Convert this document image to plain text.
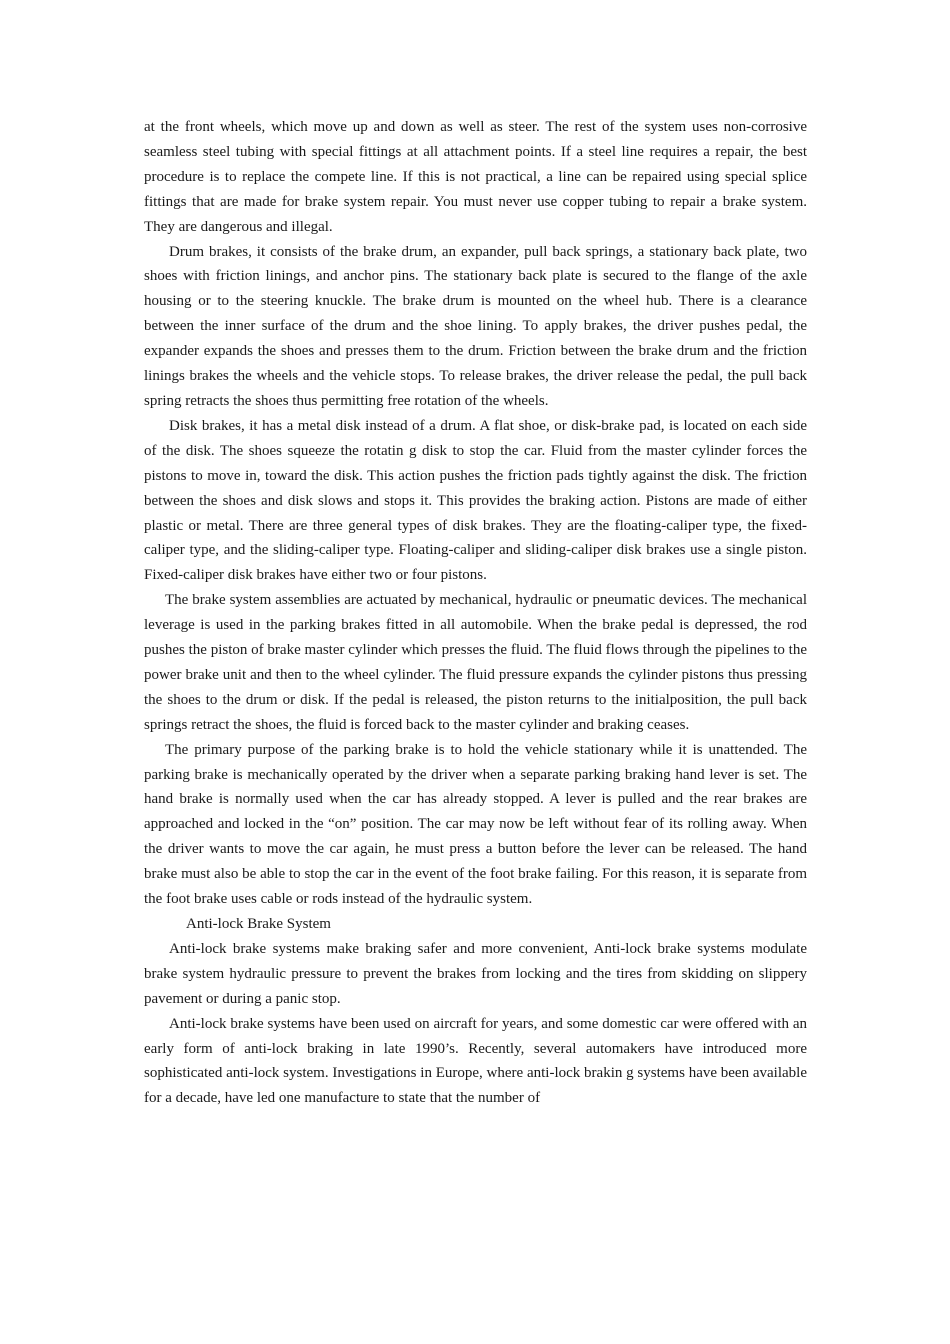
at the front wheels, which move up and down as well as steer. The rest of the system uses non-corrosive seamless steel tubing with special fittings at all attachment points. If a steel line requires a repair, the best procedure is to replace the compete line. If this is not practical, a line can be repaired using special splice fittings that are made for brake system repair. You must never use copper tubing to repair a brake system. They are dangerous and illegal.

Drum brakes, it consists of the brake drum, an expander, pull back springs, a stationary back plate, two shoes with friction linings, and anchor pins. The stationary back plate is secured to the flange of the axle housing or to the steering knuckle. The brake drum is mounted on the wheel hub. There is a clearance between the inner surface of the drum and the shoe lining. To apply brakes, the driver pushes pedal, the expander expands the shoes and presses them to the drum. Friction between the brake drum and the friction linings brakes the wheels and the vehicle stops. To release brakes, the driver release the pedal, the pull back spring retracts the shoes thus permitting free rotation of the wheels.

Disk brakes, it has a metal disk instead of a drum. A flat shoe, or disk-brake pad, is located on each side of the disk. The shoes squeeze the rotatin g disk to stop the car. Fluid from the master cylinder forces the pistons to move in, toward the disk. This action pushes the friction pads tightly against the disk. The friction between the shoes and disk slows and stops it. This provides the braking action. Pistons are made of either plastic or metal. There are three general types of disk brakes. They are the floating-caliper type, the fixed-caliper type, and the sliding-caliper type. Floating-caliper and sliding-caliper disk brakes use a single piston. Fixed-caliper disk brakes have either two or four pistons.

The brake system assemblies are actuated by mechanical, hydraulic or pneumatic devices. The mechanical leverage is used in the parking brakes fitted in all automobile. When the brake pedal is depressed, the rod pushes the piston of brake master cylinder which presses the fluid. The fluid flows through the pipelines to the power brake unit and then to the wheel cylinder. The fluid pressure expands the cylinder pistons thus pressing the shoes to the drum or disk. If the pedal is released, the piston returns to the initialposition, the pull back springs retract the shoes, the fluid is forced back to the master cylinder and braking ceases.

The primary purpose of the parking brake is to hold the vehicle stationary while it is unattended. The parking brake is mechanically operated by the driver when a separate parking braking hand lever is set. The hand brake is normally used when the car has already stopped. A lever is pulled and the rear brakes are approached and locked in the “on” position. The car may now be left without fear of its rolling away. When the driver wants to move the car again, he must press a button before the lever can be released. The hand brake must also be able to stop the car in the event of the foot brake failing. For this reason, it is separate from the foot brake uses cable or rods instead of the hydraulic system.

Anti-lock Brake System

Anti-lock brake systems make braking safer and more convenient, Anti-lock brake systems modulate brake system hydraulic pressure to prevent the brakes from locking and the tires from skidding on slippery pavement or during a panic stop.

Anti-lock brake systems have been used on aircraft for years, and some domestic car were offered with an early form of anti-lock braking in late 1990’s. Recently, several automakers have introduced more sophisticated anti-lock system. Investigations in Europe, where anti-lock brakin g systems have been available for a decade, have led one manufacture to state that the number of
